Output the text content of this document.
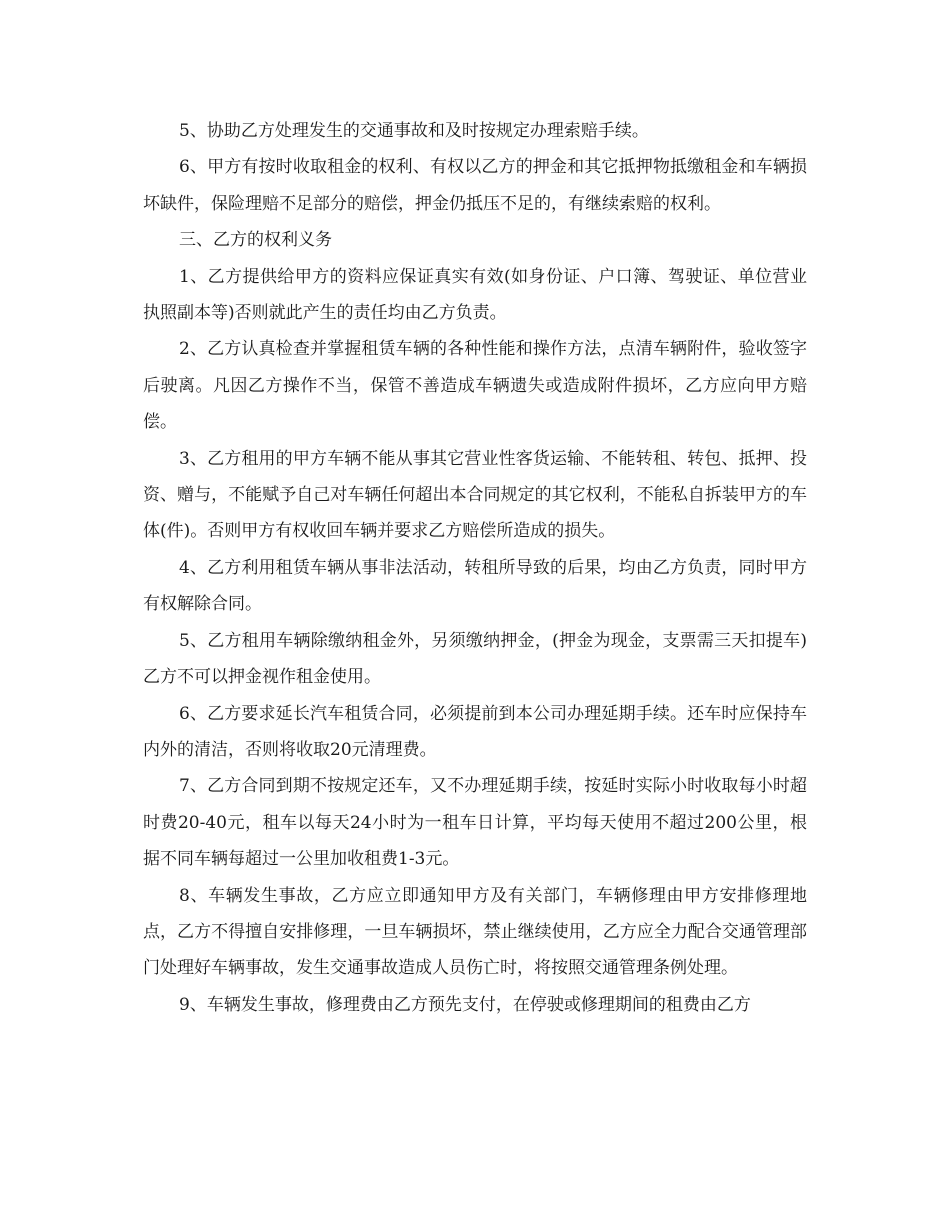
5、协助乙方处理发生的交通事故和及时按规定办理索赔手续。

6、甲方有按时收取租金的权利、有权以乙方的押金和其它抵押物抵缴租金和车辆损坏缺件，保险理赔不足部分的赔偿，押金仍抵压不足的，有继续索赔的权利。

三、乙方的权利义务

1、乙方提供给甲方的资料应保证真实有效(如身份证、户口簿、驾驶证、单位营业执照副本等)否则就此产生的责任均由乙方负责。

2、乙方认真检查并掌握租赁车辆的各种性能和操作方法，点清车辆附件，验收签字后驶离。凡因乙方操作不当，保管不善造成车辆遗失或造成附件损坏，乙方应向甲方赔偿。

3、乙方租用的甲方车辆不能从事其它营业性客货运输、不能转租、转包、抵押、投资、赠与，不能赋予自己对车辆任何超出本合同规定的其它权利，不能私自拆装甲方的车体(件)。否则甲方有权收回车辆并要求乙方赔偿所造成的损失。

4、乙方利用租赁车辆从事非法活动，转租所导致的后果，均由乙方负责，同时甲方有权解除合同。

5、乙方租用车辆除缴纳租金外，另须缴纳押金，(押金为现金，支票需三天扣提车)乙方不可以押金视作租金使用。

6、乙方要求延长汽车租赁合同，必须提前到本公司办理延期手续。还车时应保持车内外的清洁，否则将收取20元清理费。

7、乙方合同到期不按规定还车，又不办理延期手续，按延时实际小时收取每小时超时费20-40元，租车以每天24小时为一租车日计算，平均每天使用不超过200公里，根据不同车辆每超过一公里加收租费1-3元。

8、车辆发生事故，乙方应立即通知甲方及有关部门，车辆修理由甲方安排修理地点，乙方不得擅自安排修理，一旦车辆损坏，禁止继续使用，乙方应全力配合交通管理部门处理好车辆事故，发生交通事故造成人员伤亡时，将按照交通管理条例处理。

9、车辆发生事故，修理费由乙方预先支付，在停驶或修理期间的租费由乙方
